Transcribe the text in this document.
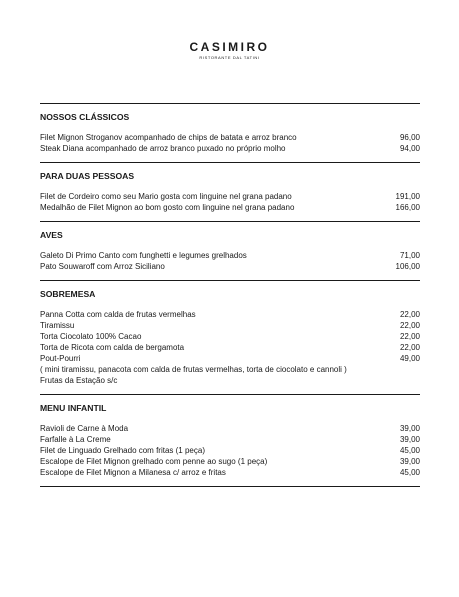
CASIMIRO
RISTORANTE DAL TATINI
NOSSOS CLÁSSICOS
Filet Mignon Stroganov acompanhado de chips de batata e arroz branco	96,00
Steak Diana acompanhado de arroz branco puxado no próprio molho	94,00
PARA DUAS PESSOAS
Filet de Cordeiro como seu Mario gosta com linguine nel grana padano	191,00
Medalhão de Filet Mignon ao bom gosto com linguine nel grana padano	166,00
AVES
Galeto Di Primo Canto com funghetti e legumes grelhados	71,00
Pato Souwaroff com Arroz Siciliano	106,00
SOBREMESA
Panna Cotta com calda de frutas vermelhas	22,00
Tiramissu	22,00
Torta Ciocolato 100% Cacao	22,00
Torta de Ricota com calda de bergamota	22,00
Pout-Pourri	49,00
( mini tiramissu, panacota com calda de frutas vermelhas, torta de ciocolato e cannoli )
Frutas da Estação s/c
MENU INFANTIL
Ravioli de Carne à Moda	39,00
Farfalle à La Creme	39,00
Filet de Linguado Grelhado com fritas (1 peça)	45,00
Escalope de Filet Mignon grelhado com penne ao sugo (1 peça)	39,00
Escalope de Filet Mignon a Milanesa c/ arroz e fritas	45,00
